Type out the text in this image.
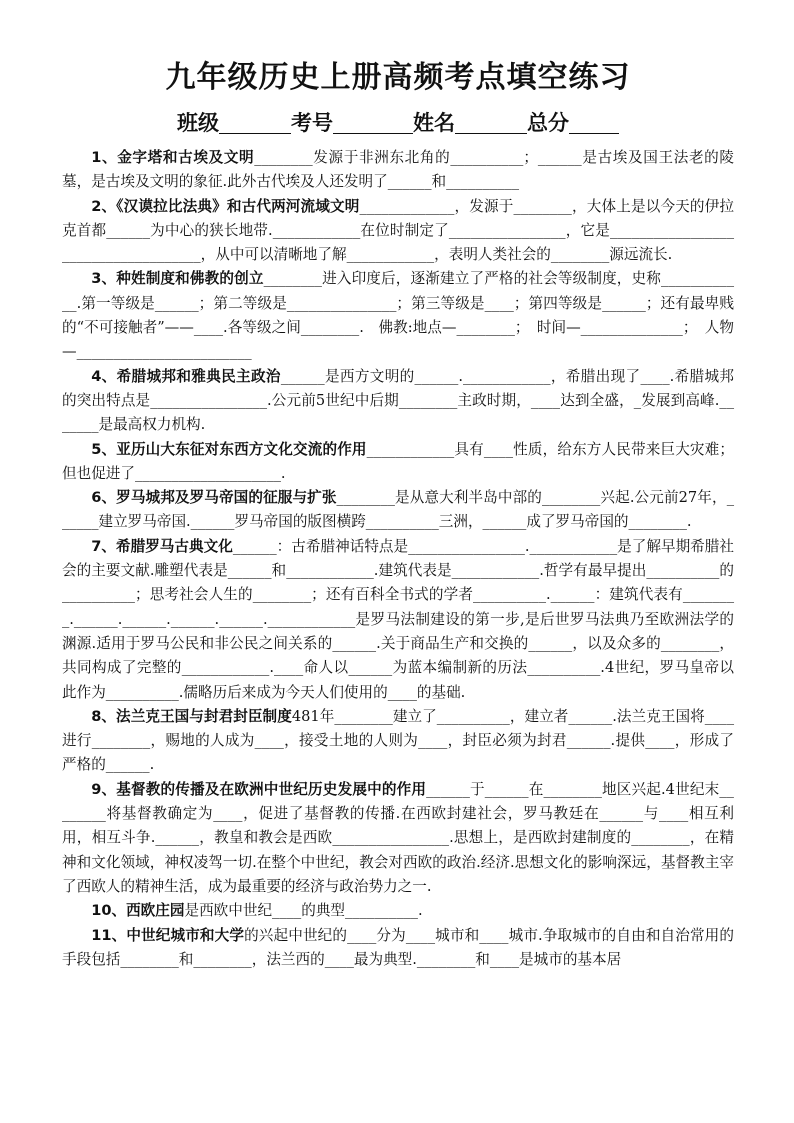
九年级历史上册高频考点填空练习
班级	考号	姓名	总分

1、金字塔和古埃及文明________发源于非洲东北角的__________；______是古埃及国王法老的陵墓，是古埃及文明的象征.此外古代埃及人还发明了______和__________

2、《汉谟拉比法典》和古代两河流域文明_____________，发源于________，大体上是以今天的伊拉克首都______为中心的狭长地带.____________在位时制定了________________，它是____________________________________，从中可以清晰地了解____________，表明人类社会的________源远流长.

3、种姓制度和佛教的创立________进入印度后，逐渐建立了严格的社会等级制度，史称____________.第一等级是______；第二等级是_______________；第三等级是____；第四等级是______；还有最卑贱的“不可接触者”——____.各等级之间________.　佛教:地点—________；　时间—______________；　人物—________________________

4、希腊城邦和雅典民主政治______是西方文明的______.____________，希腊出现了____.希腊城邦的突出特点是________________.公元前5世纪中后期________主政时期，____达到全盛，_发展到高峰._______是最高权力机构.

5、亚历山大东征对东西方文化交流的作用____________具有____性质，给东方人民带来巨大灾难；但也促进了____________________.

6、罗马城邦及罗马帝国的征服与扩张________是从意大利半岛中部的________兴起.公元前27年，______建立罗马帝国.______罗马帝国的版图横跨__________三洲，______成了罗马帝国的________.

7、希腊罗马古典文化______：古希腊神话特点是________________.____________是了解早期希腊社会的主要文献.雕塑代表是______和____________.建筑代表是____________.哲学有最早提出__________的__________；思考社会人生的________；还有百科全书式的学者__________.______：建筑代表有________.______.______.______.______.____________是罗马法制建设的第一步,是后世罗马法典乃至欧洲法学的渊源.适用于罗马公民和非公民之间关系的______.关于商品生产和交换的______，以及众多的________，共同构成了完整的____________.____命人以______为蓝本编制新的历法__________.4世纪，罗马皇帝以此作为__________.儒略历后来成为今天人们使用的____的基础.

8、法兰克王国与封君封臣制度481年________建立了__________，建立者______.法兰克王国将____进行________，赐地的人成为____，接受土地的人则为____，封臣必须为封君______.提供____，形成了严格的______.

9、基督教的传播及在欧洲中世纪历史发展中的作用______于______在________地区兴起.4世纪末________将基督教确定为____，促进了基督教的传播.在西欧封建社会，罗马教廷在______与____相互利用，相互斗争.______，教皇和教会是西欧________________.思想上，是西欧封建制度的________，在精神和文化领域，神权凌驾一切.在整个中世纪，教会对西欧的政治.经济.思想文化的影响深远，基督教主宰了西欧人的精神生活，成为最重要的经济与政治势力之一.

10、西欧庄园是西欧中世纪____的典型__________.

11、中世纪城市和大学的兴起中世纪的____分为____城市和____城市.争取城市的自由和自治常用的手段包括________和________，法兰西的____最为典型.________和____是城市的基本居
